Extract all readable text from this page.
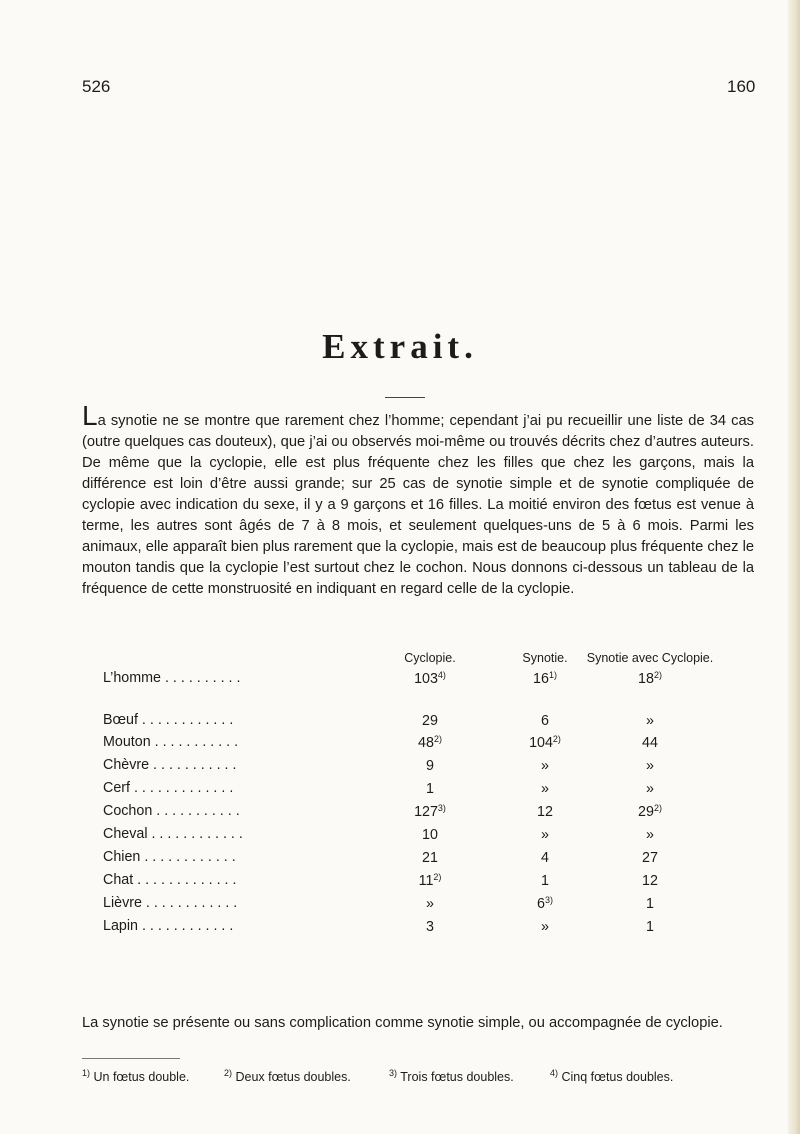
526	160
Extrait.
La synotie ne se montre que rarement chez l’homme; cependant j’ai pu recueillir une liste de 34 cas (outre quelques cas douteux), que j’ai ou observés moi-même ou trouvés décrits chez d’autres auteurs. De même que la cyclopie, elle est plus fréquente chez les filles que chez les garçons, mais la différence est loin d’être aussi grande; sur 25 cas de synotie simple et de synotie compliquée de cyclopie avec indication du sexe, il y a 9 garçons et 16 filles. La moitié environ des fœtus est venue à terme, les autres sont âgés de 7 à 8 mois, et seulement quelques-uns de 5 à 6 mois. Parmi les animaux, elle apparaît bien plus rarement que la cyclopie, mais est de beaucoup plus fréquente chez le mouton tandis que la cyclopie l’est surtout chez le cochon. Nous donnons ci-dessous un tableau de la fréquence de cette monstruosité en indiquant en regard celle de la cyclopie.
Cyclopie.	Synotie.	Synotie avec Cyclopie.
L’homme . . . . . . . . . .	103$^{4)}$	16$^{1)}$	18$^{2)}$
Bœuf . . . . . . . . . . . .	29	6	»
Mouton . . . . . . . . . . .	48$^{2)}$	104$^{2)}$	44
Chèvre . . . . . . . . . . .	9	»	»
Cerf . . . . . . . . . . . . .	1	»	»
Cochon . . . . . . . . . . .	127$^{3)}$	12	29$^{2)}$
Cheval . . . . . . . . . . . .	10	»	»
Chien . . . . . . . . . . . .	21	4	27
Chat . . . . . . . . . . . . .	11$^{2)}$	1	12
Lièvre . . . . . . . . . . . .	»	6$^{3)}$	1
Lapin . . . . . . . . . . . .	3	»	1
La synotie se présente ou sans complication comme synotie simple, ou accompagnée de cyclopie.
$^{1)}$ Un fœtus double.	$^{2)}$ Deux fœtus doubles.	$^{3)}$ Trois fœtus doubles.	$^{4)}$ Cinq fœtus doubles.
